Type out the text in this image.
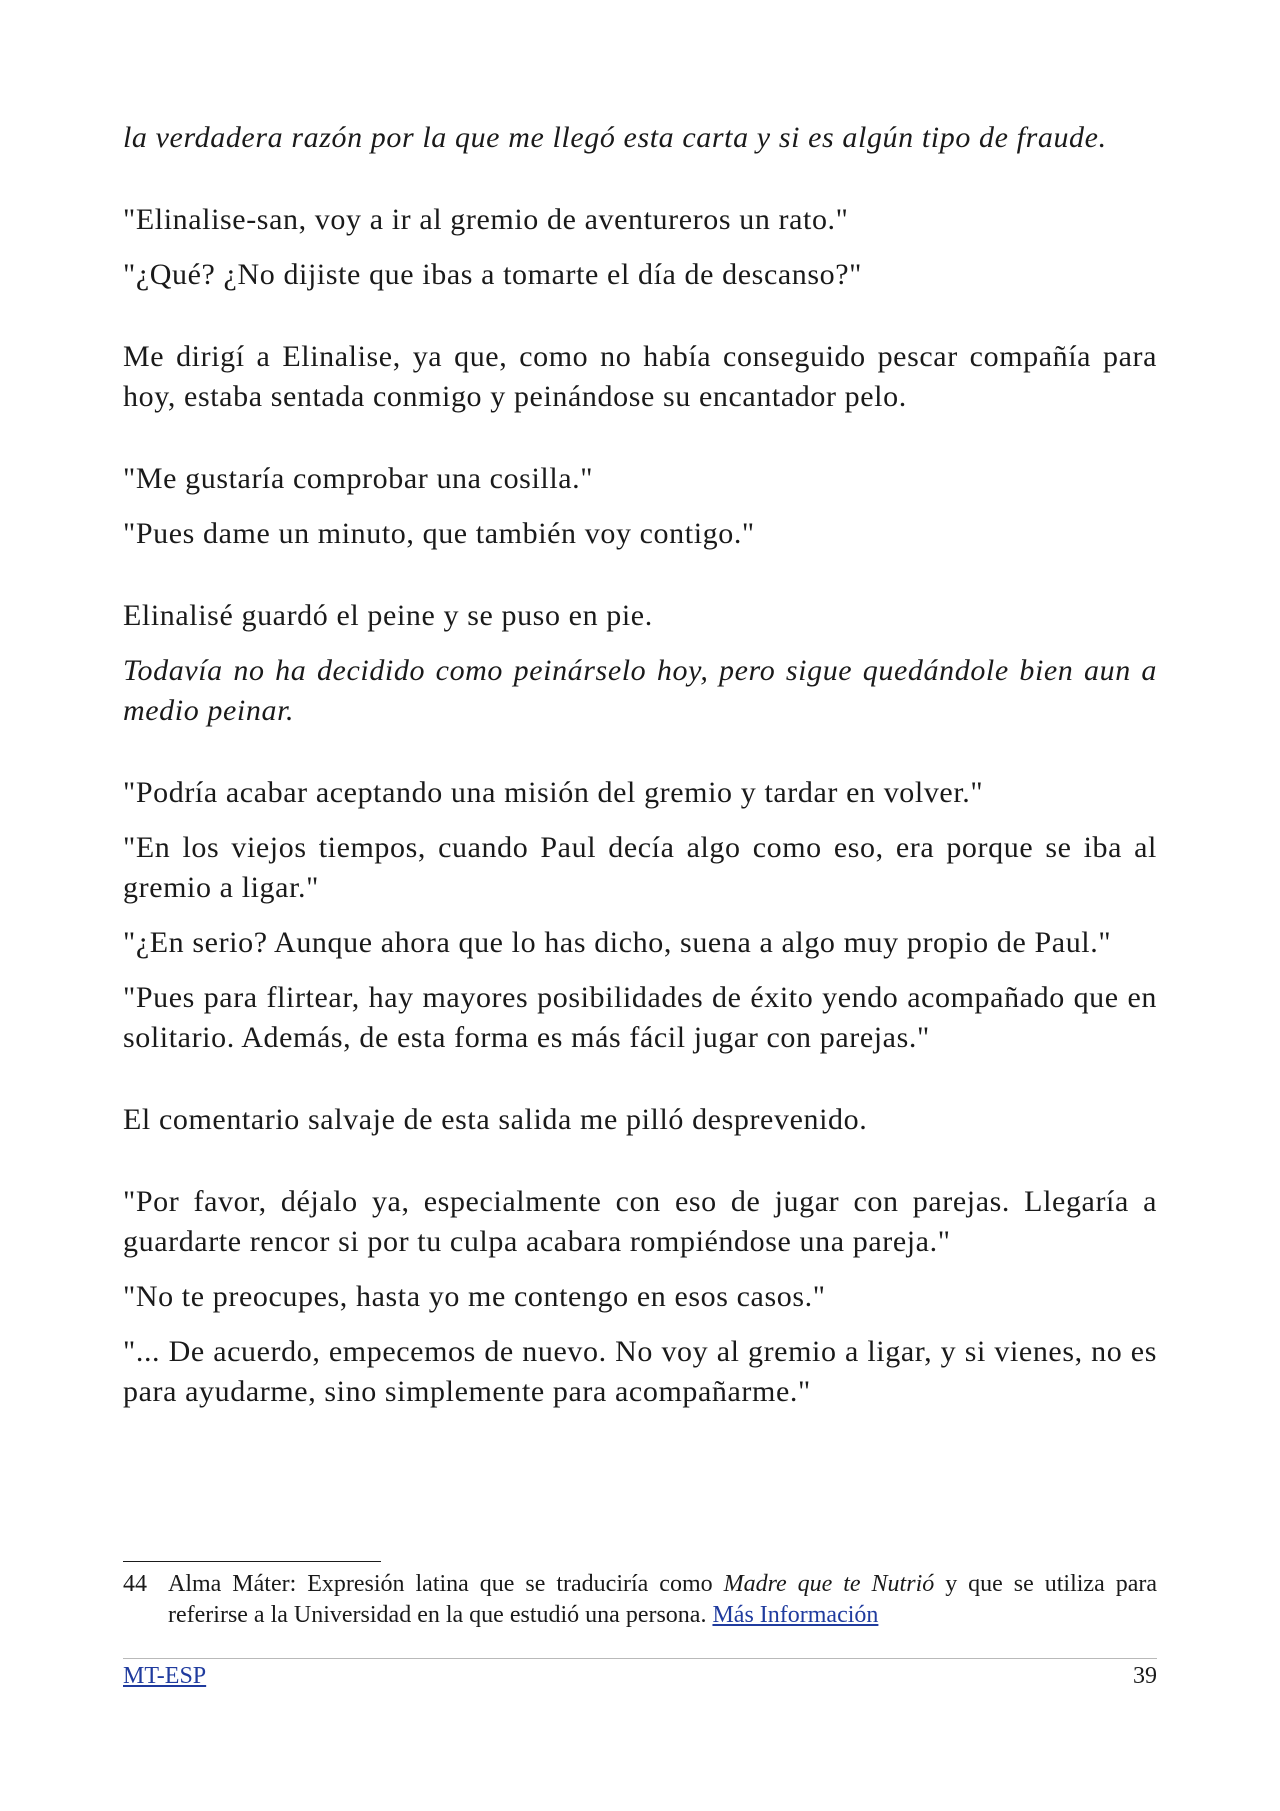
la verdadera razón por la que me llegó esta carta y si es algún tipo de fraude.

"Elinalise-san, voy a ir al gremio de aventureros un rato."

"¿Qué? ¿No dijiste que ibas a tomarte el día de descanso?"

Me dirigí a Elinalise, ya que, como no había conseguido pescar compañía para hoy, estaba sentada conmigo y peinándose su encantador pelo.

"Me gustaría comprobar una cosilla."

"Pues dame un minuto, que también voy contigo."

Elinalisé guardó el peine y se puso en pie.

Todavía no ha decidido como peinárselo hoy, pero sigue quedándole bien aun a medio peinar.

"Podría acabar aceptando una misión del gremio y tardar en volver."

"En los viejos tiempos, cuando Paul decía algo como eso, era porque se iba al gremio a ligar."

"¿En serio? Aunque ahora que lo has dicho, suena a algo muy propio de Paul."

"Pues para flirtear, hay mayores posibilidades de éxito yendo acompañado que en solitario. Además, de esta forma es más fácil jugar con parejas."

El comentario salvaje de esta salida me pilló desprevenido.

"Por favor, déjalo ya, especialmente con eso de jugar con parejas. Llegaría a guardarte rencor si por tu culpa acabara rompiéndose una pareja."

"No te preocupes, hasta yo me contengo en esos casos."

"... De acuerdo, empecemos de nuevo. No voy al gremio a ligar, y si vienes, no es para ayudarme, sino simplemente para acompañarme."

44 Alma Máter: Expresión latina que se traduciría como Madre que te Nutrió y que se utiliza para referirse a la Universidad en la que estudió una persona. Más Información
MT-ESP	39
